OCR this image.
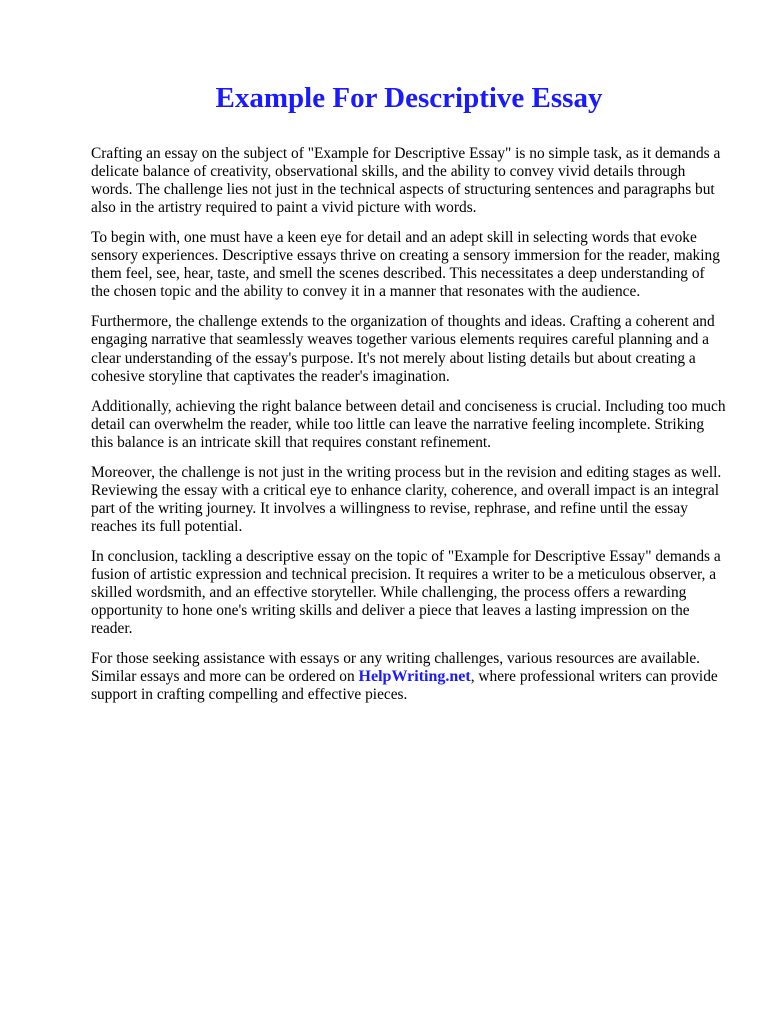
Example For Descriptive Essay

Crafting an essay on the subject of "Example for Descriptive Essay" is no simple task, as it demands a delicate balance of creativity, observational skills, and the ability to convey vivid details through words. The challenge lies not just in the technical aspects of structuring sentences and paragraphs but also in the artistry required to paint a vivid picture with words.

To begin with, one must have a keen eye for detail and an adept skill in selecting words that evoke sensory experiences. Descriptive essays thrive on creating a sensory immersion for the reader, making them feel, see, hear, taste, and smell the scenes described. This necessitates a deep understanding of the chosen topic and the ability to convey it in a manner that resonates with the audience.

Furthermore, the challenge extends to the organization of thoughts and ideas. Crafting a coherent and engaging narrative that seamlessly weaves together various elements requires careful planning and a clear understanding of the essay's purpose. It's not merely about listing details but about creating a cohesive storyline that captivates the reader's imagination.

Additionally, achieving the right balance between detail and conciseness is crucial. Including too much detail can overwhelm the reader, while too little can leave the narrative feeling incomplete. Striking this balance is an intricate skill that requires constant refinement.

Moreover, the challenge is not just in the writing process but in the revision and editing stages as well. Reviewing the essay with a critical eye to enhance clarity, coherence, and overall impact is an integral part of the writing journey. It involves a willingness to revise, rephrase, and refine until the essay reaches its full potential.

In conclusion, tackling a descriptive essay on the topic of "Example for Descriptive Essay" demands a fusion of artistic expression and technical precision. It requires a writer to be a meticulous observer, a skilled wordsmith, and an effective storyteller. While challenging, the process offers a rewarding opportunity to hone one's writing skills and deliver a piece that leaves a lasting impression on the reader.

For those seeking assistance with essays or any writing challenges, various resources are available. Similar essays and more can be ordered on HelpWriting.net, where professional writers can provide support in crafting compelling and effective pieces.
